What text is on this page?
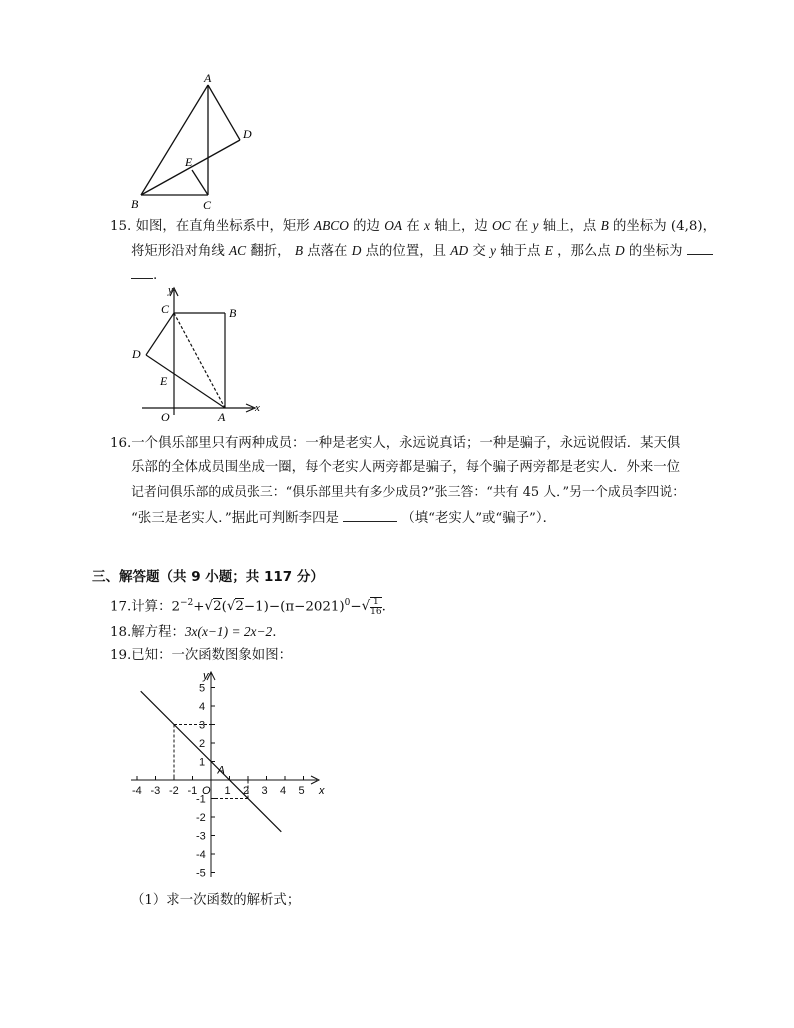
A
D
E
B	C
15. 如图，在直角坐标系中，矩形 ABCO 的边 OA 在 x 轴上，边 OC 在 y 轴上，点 B 的坐标为 (4,8)，
将矩形沿对角线 AC 翻折， B 点落在 D 点的位置，且 AD 交 y 轴于点 E ，那么点 D 的坐标为
.
y
x
C	B
D
E
O	A
16.一个俱乐部里只有两种成员：一种是老实人，永远说真话；一种是骗子，永远说假话．某天俱
乐部的全体成员围坐成一圈，每个老实人两旁都是骗子，每个骗子两旁都是老实人．外来一位
记者问俱乐部的成员张三：“俱乐部里共有多少成员?”张三答：“共有 45 人．”另一个成员李四说：
“张三是老实人．”据此可判断李四是	（填“老实人”或“骗子”）．
三、解答题（共 9 小题；共 117 分）
17.计算：$2^{-2}+√2(√2-1)-(\pi-2021)^0-√ \frac{1}{16}$ .
18.解方程：3x(x−1) = 2x−2.
19.已知：一次函数图象如图：
y
x
O
A
-4 -3 -2 -1 1 2 3 4 5
5
4
3
2
1
-1
-2
-3
-4
-5
（1）求一次函数的解析式；
